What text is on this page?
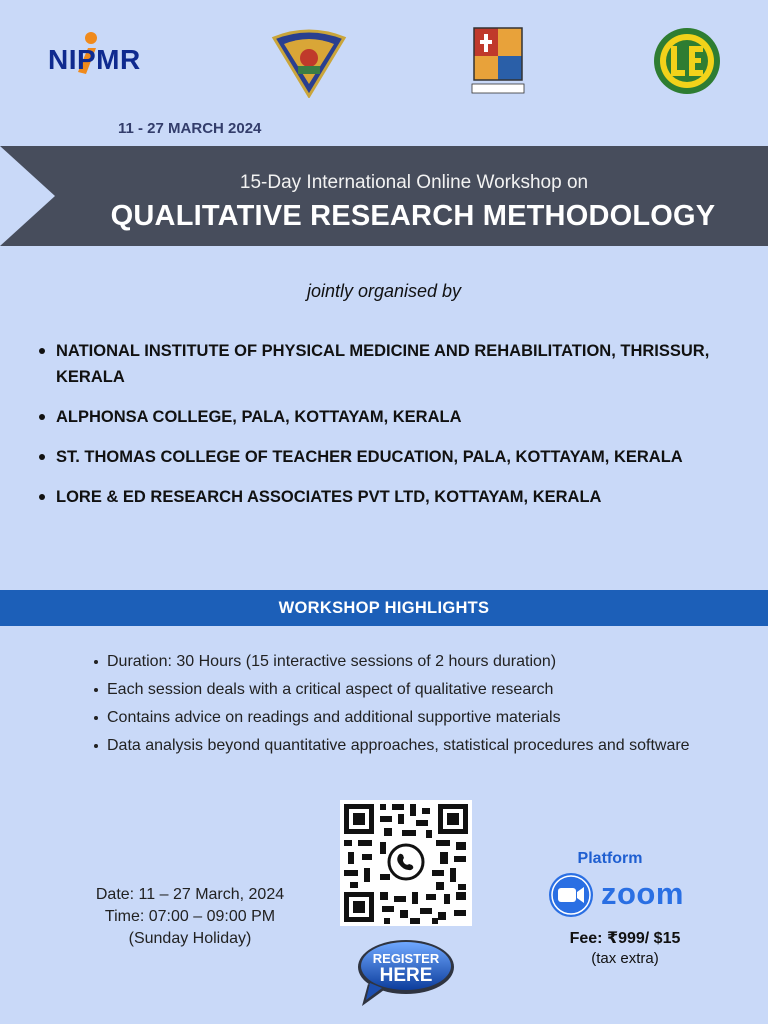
NIPMR
11 - 27 MARCH 2024
15-Day International Online Workshop on
QUALITATIVE RESEARCH METHODOLOGY
jointly organised by
NATIONAL INSTITUTE OF PHYSICAL MEDICINE AND REHABILITATION, THRISSUR, KERALA
ALPHONSA COLLEGE, PALA, KOTTAYAM, KERALA
ST. THOMAS COLLEGE OF TEACHER EDUCATION, PALA, KOTTAYAM, KERALA
LORE & ED RESEARCH ASSOCIATES PVT LTD, KOTTAYAM, KERALA
WORKSHOP HIGHLIGHTS
Duration: 30 Hours (15 interactive sessions of 2 hours duration)
Each session deals with a critical aspect of qualitative research
Contains advice on readings and additional supportive materials
Data analysis beyond quantitative approaches, statistical procedures and software
Date: 11 – 27 March, 2024
Time: 07:00 – 09:00 PM
(Sunday Holiday)
REGISTER
HERE
Platform
zoom
Fee: ₹999/ $15
(tax extra)
